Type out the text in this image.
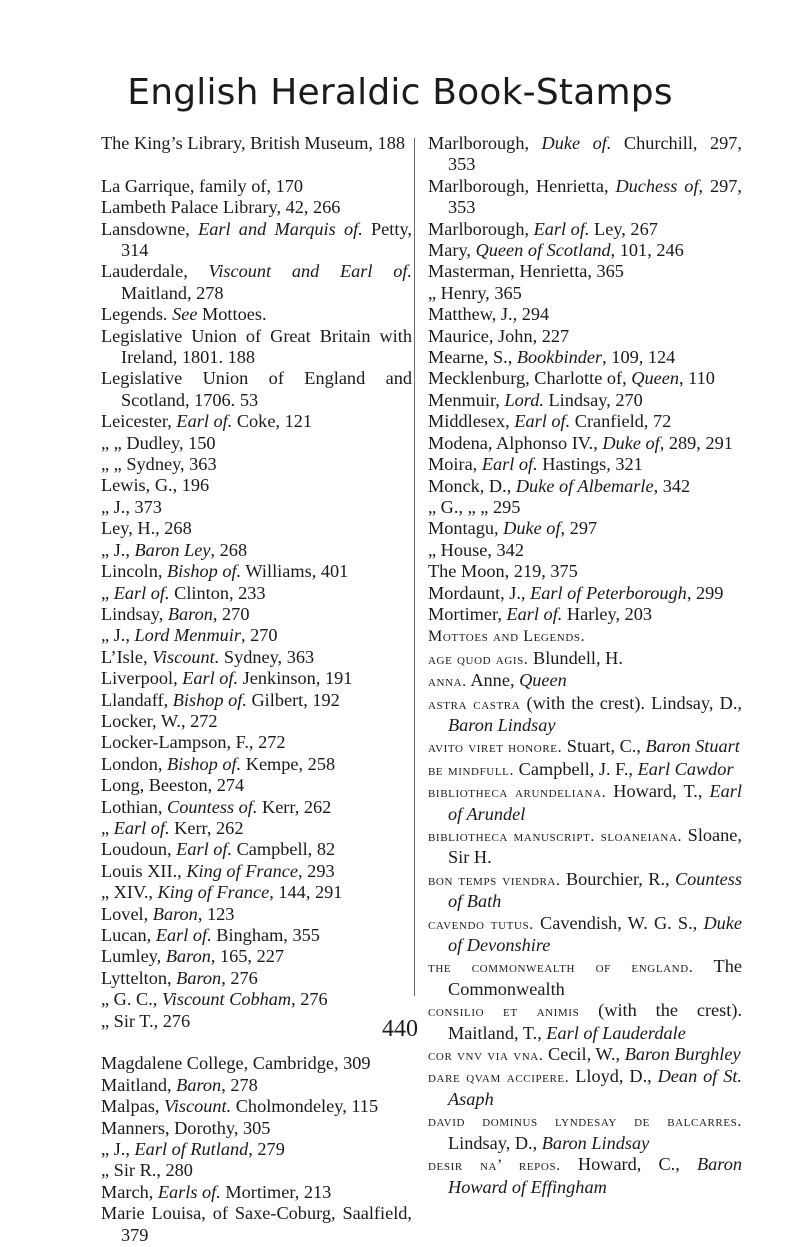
English Heraldic Book-Stamps
The King’s Library, British Museum, 188
La Garrique, family of, 170
Lambeth Palace Library, 42, 266
Lansdowne, Earl and Marquis of. Petty, 314
Lauderdale, Viscount and Earl of. Maitland, 278
Legends. See Mottoes.
Legislative Union of Great Britain with Ireland, 1801. 188
Legislative Union of England and Scotland, 1706. 53
Leicester, Earl of. Coke, 121
„ „ Dudley, 150
„ „ Sydney, 363
Lewis, G., 196
„ J., 373
Ley, H., 268
„ J., Baron Ley, 268
Lincoln, Bishop of. Williams, 401
„ Earl of. Clinton, 233
Lindsay, Baron, 270
„ J., Lord Menmuir, 270
L’Isle, Viscount. Sydney, 363
Liverpool, Earl of. Jenkinson, 191
Llandaff, Bishop of. Gilbert, 192
Locker, W., 272
Locker-Lampson, F., 272
London, Bishop of. Kempe, 258
Long, Beeston, 274
Lothian, Countess of. Kerr, 262
„ Earl of. Kerr, 262
Loudoun, Earl of. Campbell, 82
Louis XII., King of France, 293
„ XIV., King of France, 144, 291
Lovel, Baron, 123
Lucan, Earl of. Bingham, 355
Lumley, Baron, 165, 227
Lyttelton, Baron, 276
„ G. C., Viscount Cobham, 276
„ Sir T., 276
Magdalene College, Cambridge, 309
Maitland, Baron, 278
Malpas, Viscount. Cholmondeley, 115
Manners, Dorothy, 305
„ J., Earl of Rutland, 279
„ Sir R., 280
March, Earls of. Mortimer, 213
Marie Louisa, of Saxe-Coburg, Saalfield, 379
Marlborough, Duke of. Churchill, 297, 353
Marlborough, Henrietta, Duchess of, 297, 353
Marlborough, Earl of. Ley, 267
Mary, Queen of Scotland, 101, 246
Masterman, Henrietta, 365
„ Henry, 365
Matthew, J., 294
Maurice, John, 227
Mearne, S., Bookbinder, 109, 124
Mecklenburg, Charlotte of, Queen, 110
Menmuir, Lord. Lindsay, 270
Middlesex, Earl of. Cranfield, 72
Modena, Alphonso IV., Duke of, 289, 291
Moira, Earl of. Hastings, 321
Monck, D., Duke of Albemarle, 342
„ G., „ „ 295
Montagu, Duke of, 297
„ House, 342
The Moon, 219, 375
Mordaunt, J., Earl of Peterborough, 299
Mortimer, Earl of. Harley, 203
Mottoes and Legends.
age quod agis. Blundell, H.
anna. Anne, Queen
astra castra (with the crest). Lindsay, D., Baron Lindsay
avito viret honore. Stuart, C., Baron Stuart
be mindfull. Campbell, J. F., Earl Cawdor
bibliotheca arundeliana. Howard, T., Earl of Arundel
bibliotheca manuscript. sloaneiana. Sloane, Sir H.
bon temps viendra. Bourchier, R., Countess of Bath
cavendo tutus. Cavendish, W. G. S., Duke of Devonshire
the commonwealth of england. The Commonwealth
consilio et animis (with the crest). Maitland, T., Earl of Lauderdale
cor vnv via vna. Cecil, W., Baron Burghley
dare qvam accipere. Lloyd, D., Dean of St. Asaph
david dominus lyndesay de balcarres. Lindsay, D., Baron Lindsay
desir na’ repos. Howard, C., Baron Howard of Effingham
440
